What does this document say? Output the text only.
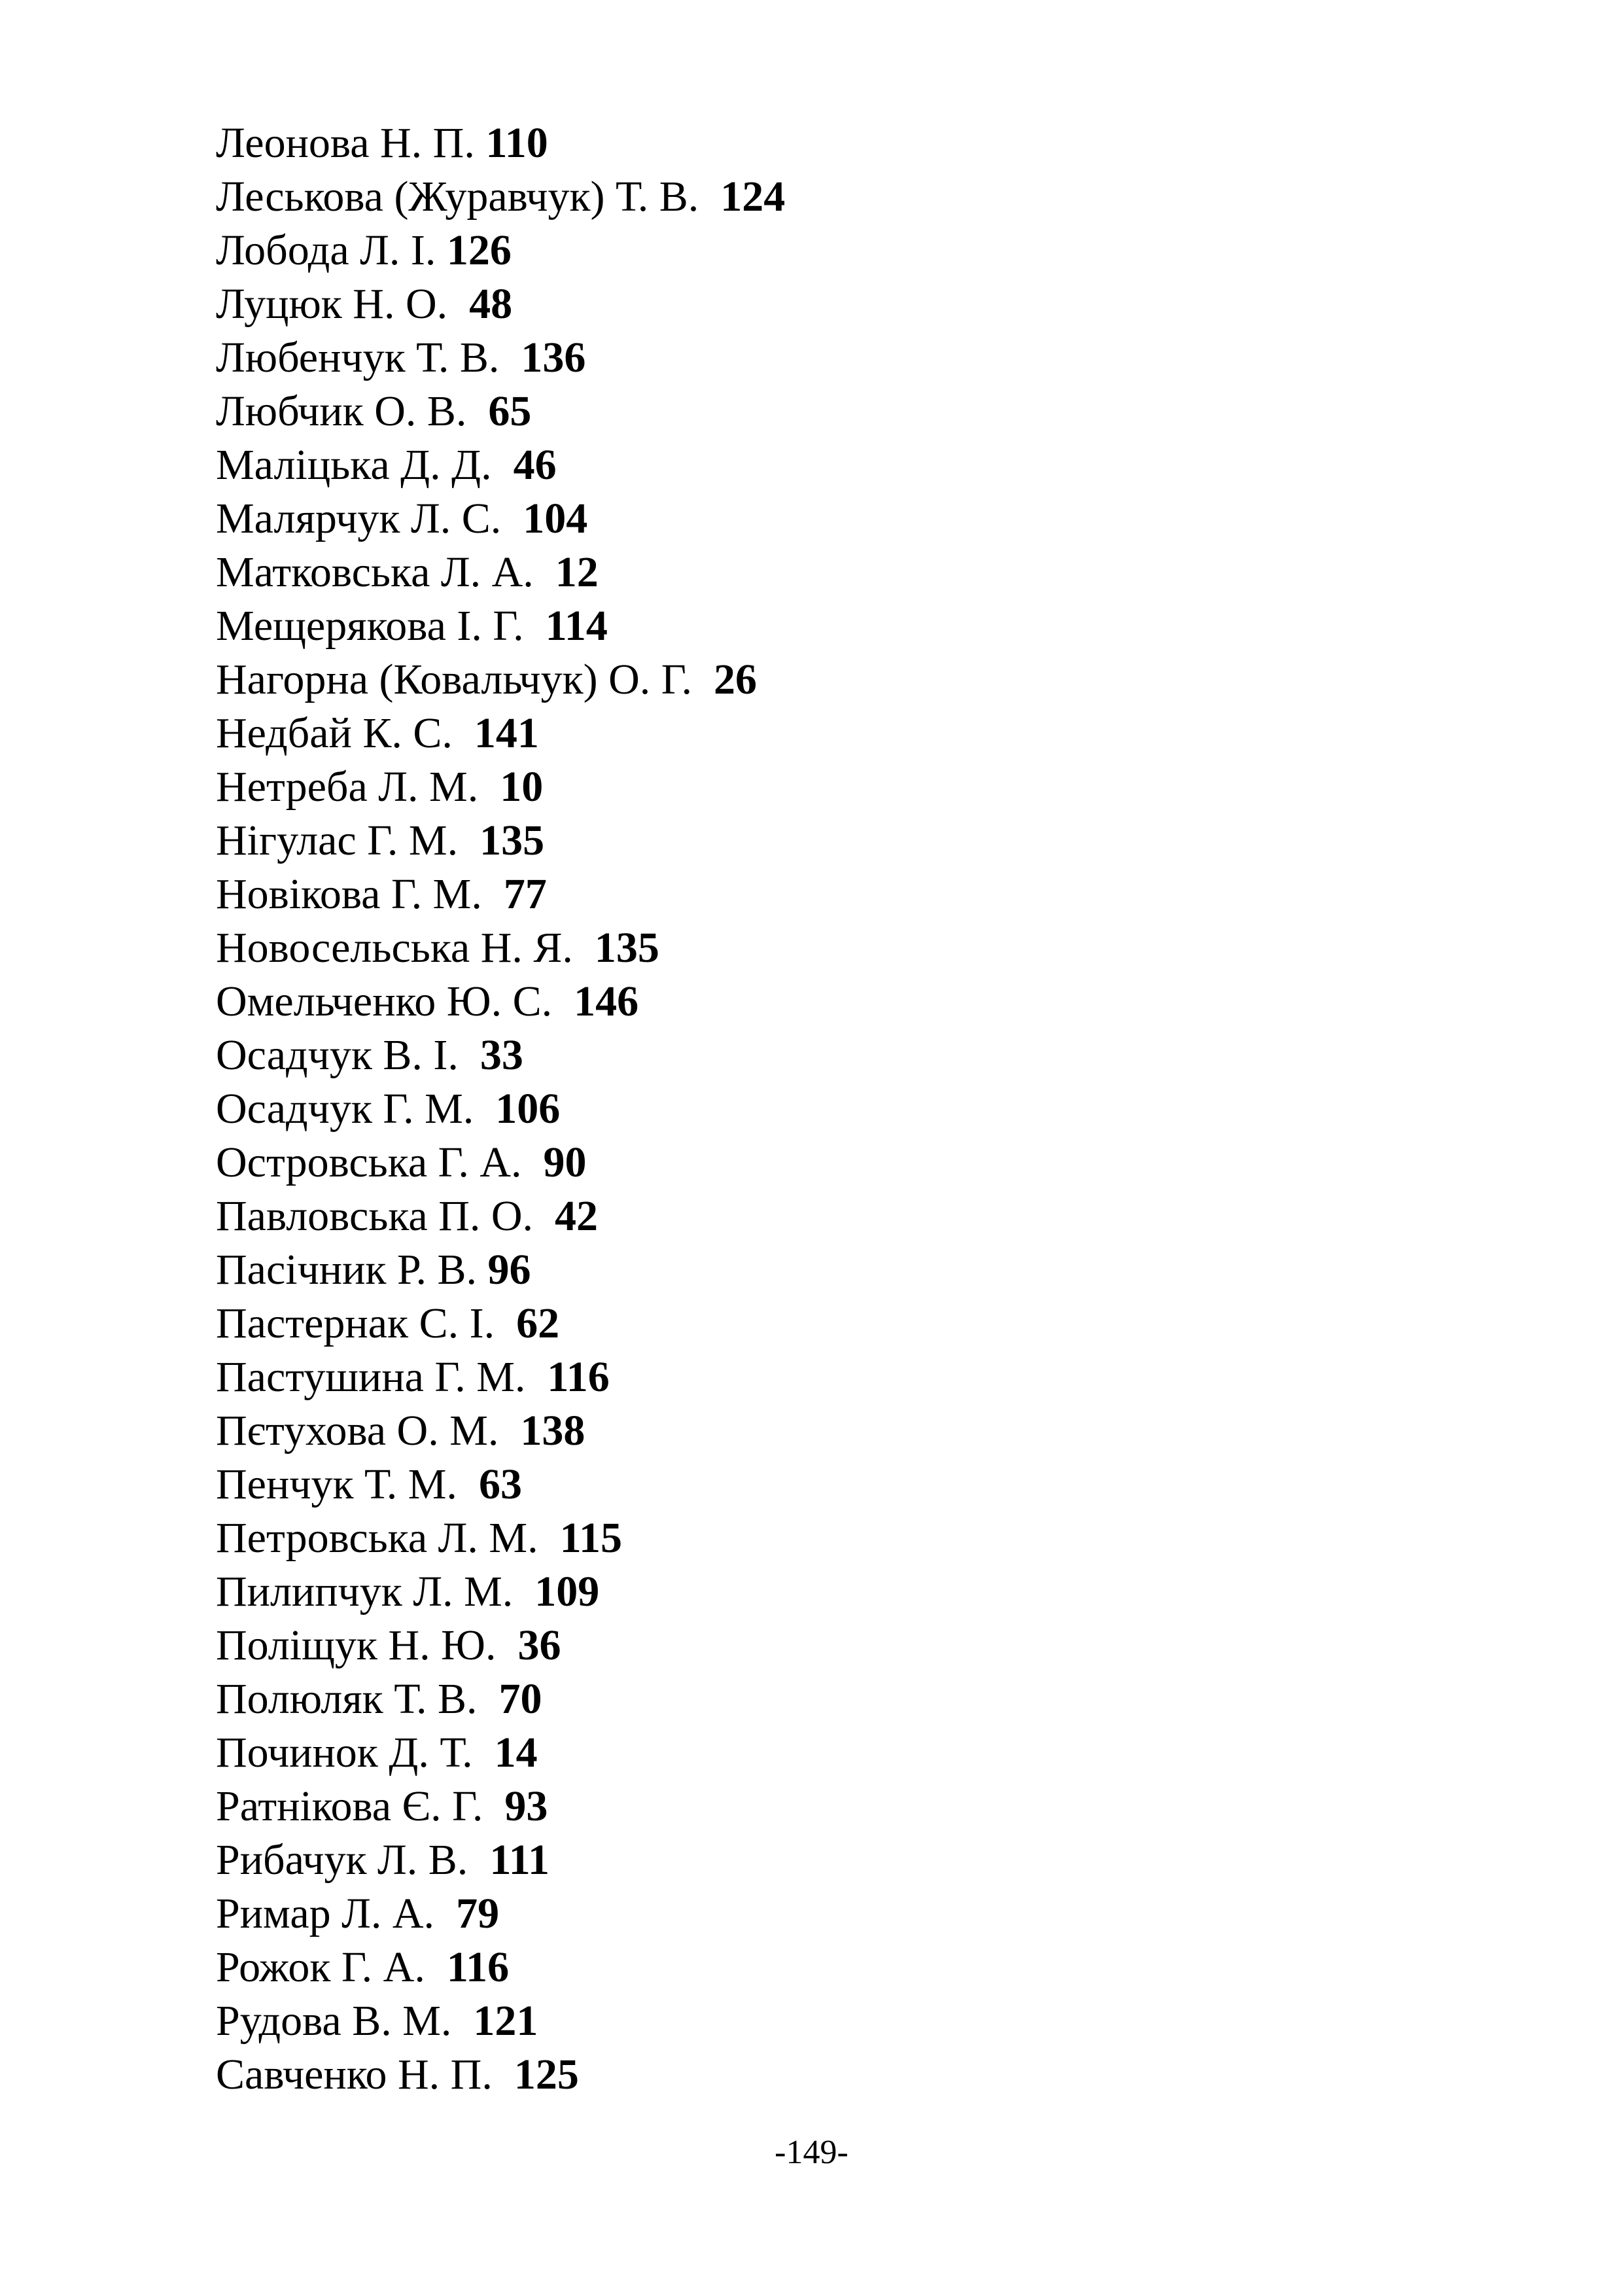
Леонова Н. П. 110
Леськова (Журавчук) Т. В.  124
Лобода Л. І. 126
Луцюк Н. О.  48
Любенчук Т. В.  136
Любчик О. В.  65
Маліцька Д. Д.  46
Малярчук Л. С.  104
Матковська Л. А.  12
Мещерякова І. Г.  114
Нагорна (Ковальчук) О. Г.  26
Недбай К. С.  141
Нетреба Л. М.  10
Нігулас Г. М.  135
Новікова Г. М.  77
Новосельська Н. Я.  135
Омельченко Ю. С.  146
Осадчук В. І.  33
Осадчук Г. М.  106
Островська Г. А.  90
Павловська П. О.  42
Пасічник Р. В. 96
Пастернак С. І.  62
Пастушина Г. М.  116
Пєтухова О. М.  138
Пенчук Т. М.  63
Петровська Л. М.  115
Пилипчук Л. М.  109
Поліщук Н. Ю.  36
Полюляк Т. В.  70
Починок Д. Т.  14
Ратнікова Є. Г.  93
Рибачук Л. В.  111
Римар Л. А.  79
Рожок Г. А.  116
Рудова В. М.  121
Савченко Н. П.  125
-149-
